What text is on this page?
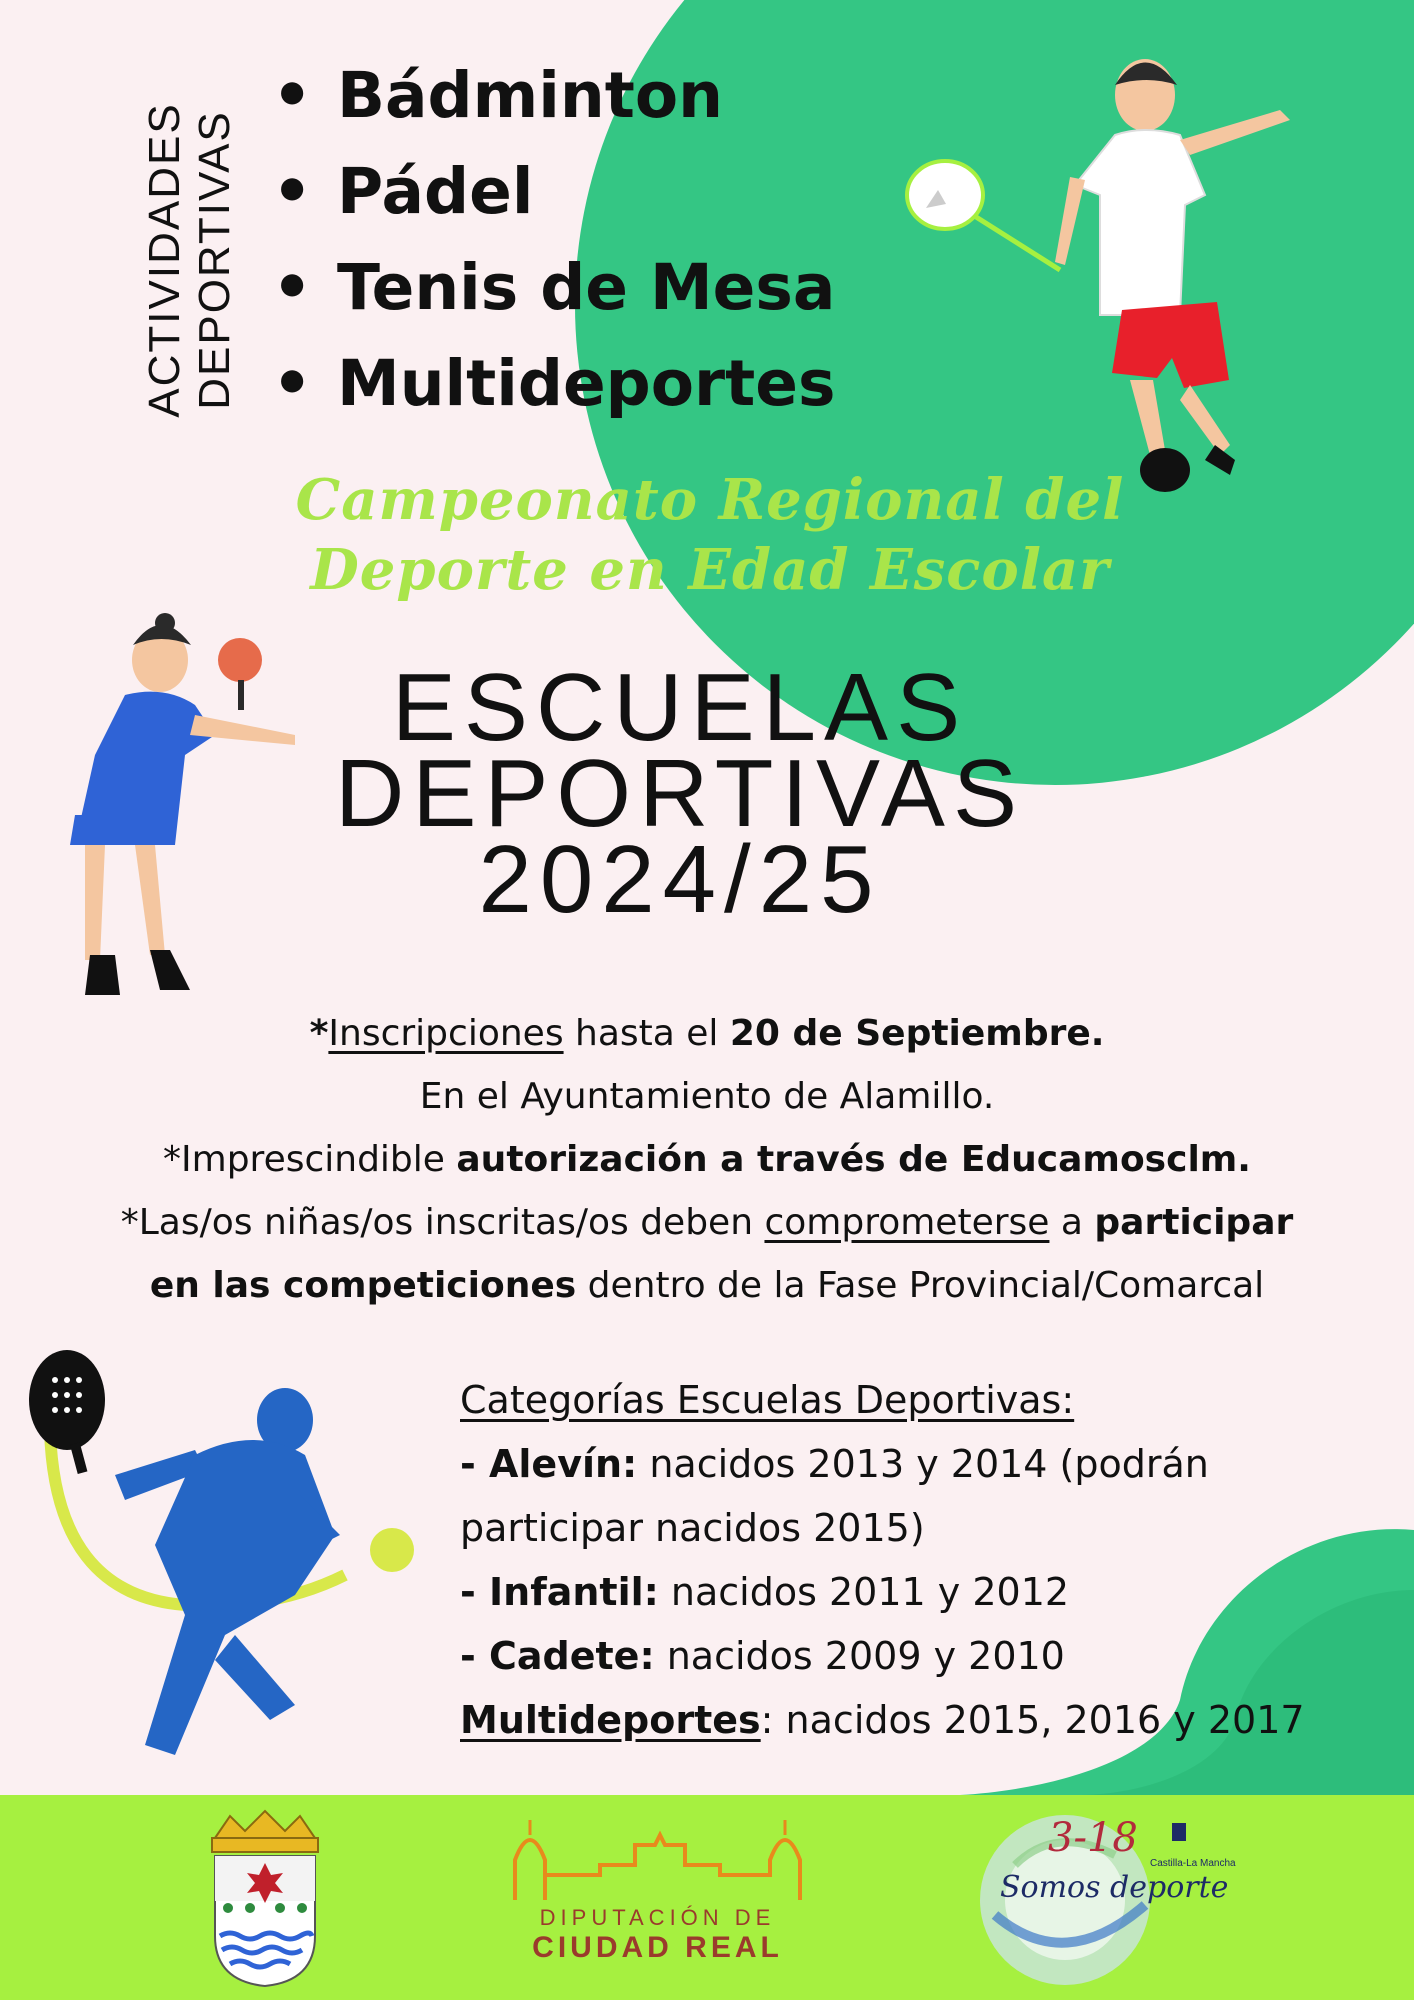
ACTIVIDADES DEPORTIVAS
• Bádminton
• Pádel
• Tenis de Mesa
• Multideportes
Campeonato Regional del
Deporte en Edad Escolar
ESCUELAS
DEPORTIVAS
2024/25
*Inscripciones hasta el 20 de Septiembre.
En el Ayuntamiento de Alamillo.
*Imprescindible autorización a través de Educamosclm.
*Las/os niñas/os inscritas/os deben comprometerse a participar
en las competiciones dentro de la Fase Provincial/Comarcal
Categorías Escuelas Deportivas:
- Alevín: nacidos 2013 y 2014 (podrán
participar nacidos 2015)
- Infantil: nacidos 2011 y 2012
- Cadete: nacidos 2009 y 2010
Multideportes: nacidos 2015, 2016 y 2017
DIPUTACIÓN DE
CIUDAD REAL
3-18
Castilla-La Mancha
Somos deporte
